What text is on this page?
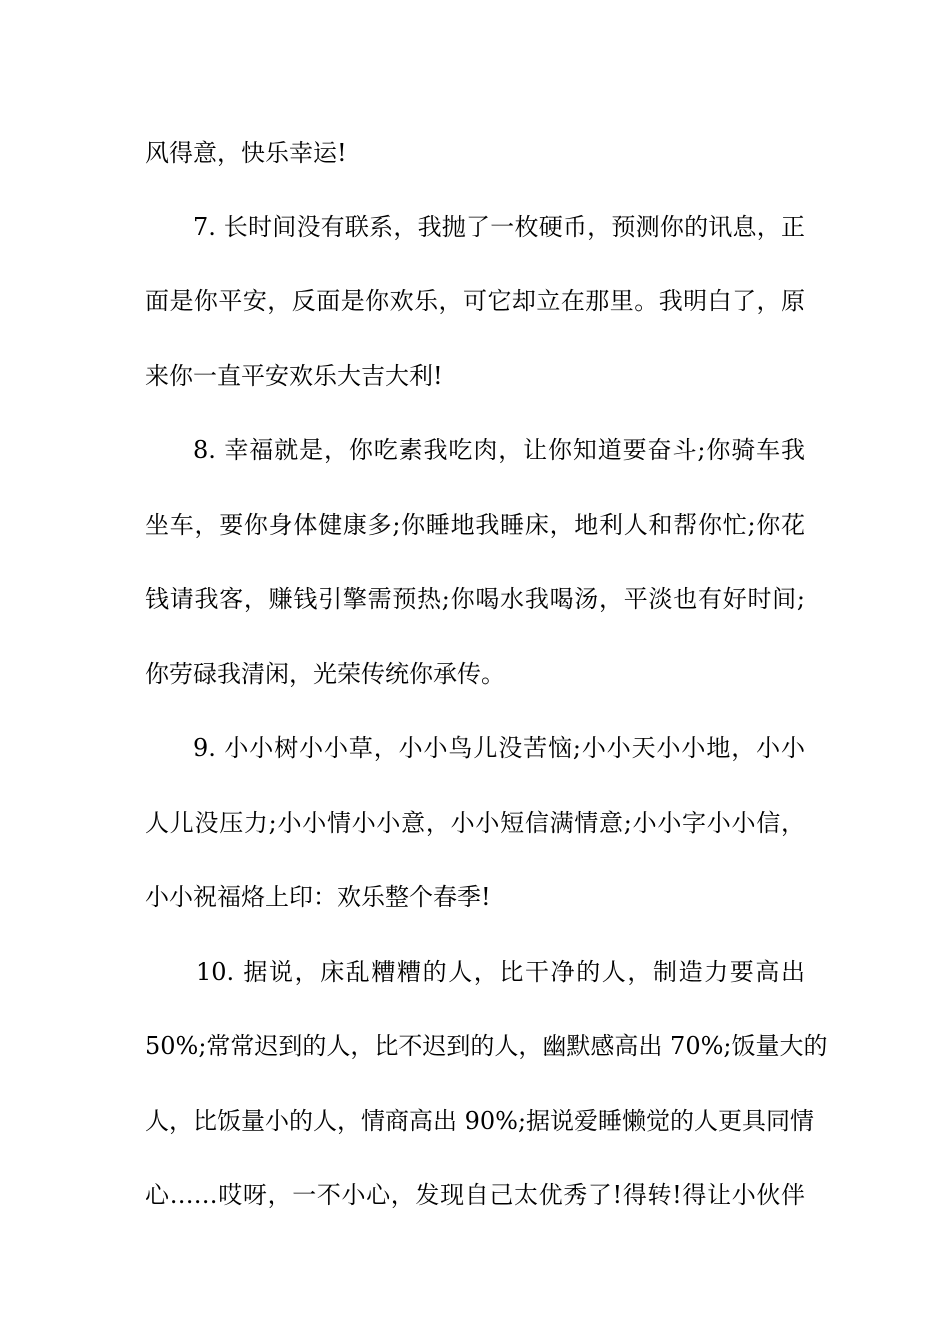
风得意，快乐幸运!
7. 长时间没有联系，我抛了一枚硬币，预测你的讯息，正
面是你平安，反面是你欢乐，可它却立在那里。我明白了，原
来你一直平安欢乐大吉大利!
8. 幸福就是，你吃素我吃肉，让你知道要奋斗;你骑车我
坐车，要你身体健康多;你睡地我睡床，地利人和帮你忙;你花
钱请我客，赚钱引擎需预热;你喝水我喝汤，平淡也有好时间;
你劳碌我清闲，光荣传统你承传。
9. 小小树小小草，小小鸟儿没苦恼;小小天小小地，小小
人儿没压力;小小情小小意，小小短信满情意;小小字小小信，
小小祝福烙上印：欢乐整个春季!
10. 据说，床乱糟糟的人，比干净的人，制造力要高出
50%;常常迟到的人，比不迟到的人，幽默感高出 70%;饭量大的
人，比饭量小的人，情商高出 90%;据说爱睡懒觉的人更具同情
心……哎呀，一不小心，发现自己太优秀了!得转!得让小伙伴
